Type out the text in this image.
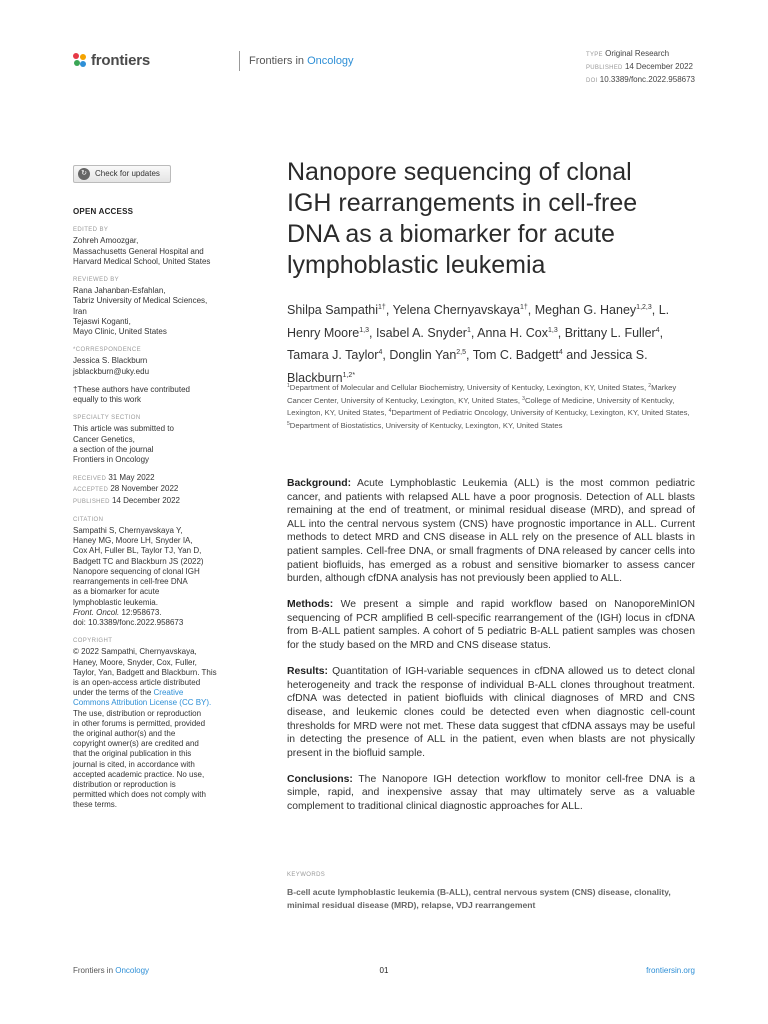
frontiers	Frontiers in Oncology	TYPE Original Research
PUBLISHED 14 December 2022
DOI 10.3389/fonc.2022.958673
↻	Check for updates
OPEN ACCESS
EDITED BY
Zohreh Amoozgar,
Massachusetts General Hospital and
Harvard Medical School, United States
REVIEWED BY
Rana Jahanban-Esfahlan,
Tabriz University of Medical Sciences,
Iran
Tejaswi Koganti,
Mayo Clinic, United States
*CORRESPONDENCE
Jessica S. Blackburn
jsblackburn@uky.edu
†These authors have contributed
equally to this work
SPECIALTY SECTION
This article was submitted to
Cancer Genetics,
a section of the journal
Frontiers in Oncology
RECEIVED 31 May 2022
ACCEPTED 28 November 2022
PUBLISHED 14 December 2022
CITATION
Sampathi S, Chernyavskaya Y,
Haney MG, Moore LH, Snyder IA,
Cox AH, Fuller BL, Taylor TJ, Yan D,
Badgett TC and Blackburn JS (2022)
Nanopore sequencing of clonal IGH
rearrangements in cell-free DNA
as a biomarker for acute
lymphoblastic leukemia.
Front. Oncol. 12:958673.
doi: 10.3389/fonc.2022.958673
COPYRIGHT
© 2022 Sampathi, Chernyavskaya,
Haney, Moore, Snyder, Cox, Fuller,
Taylor, Yan, Badgett and Blackburn. This
is an open-access article distributed
under the terms of the Creative
Commons Attribution License (CC BY).
The use, distribution or reproduction
in other forums is permitted, provided
the original author(s) and the
copyright owner(s) are credited and
that the original publication in this
journal is cited, in accordance with
accepted academic practice. No use,
distribution or reproduction is
permitted which does not comply with
these terms.
Nanopore sequencing of clonal
IGH rearrangements in cell-free
DNA as a biomarker for acute
lymphoblastic leukemia
Shilpa Sampathi$^{1\dagger}$, Yelena Chernyavskaya$^{1\dagger}$, Meghan G. Haney$^{1,2,3}$, L. Henry Moore$^{1,3}$, Isabel A. Snyder$^1$, Anna H. Cox$^{1,3}$, Brittany L. Fuller$^4$, Tamara J. Taylor$^4$, Donglin Yan$^{2,5}$, Tom C. Badgett$^4$ and Jessica S. Blackburn$^{1,2*}$
$^1$Department of Molecular and Cellular Biochemistry, University of Kentucky, Lexington, KY, United States, $^2$Markey Cancer Center, University of Kentucky, Lexington, KY, United States, $^3$College of Medicine, University of Kentucky, Lexington, KY, United States, $^4$Department of Pediatric Oncology, University of Kentucky, Lexington, KY, United States, $^5$Department of Biostatistics, University of Kentucky, Lexington, KY, United States

Background: Acute Lymphoblastic Leukemia (ALL) is the most common pediatric cancer, and patients with relapsed ALL have a poor prognosis. Detection of ALL blasts remaining at the end of treatment, or minimal residual disease (MRD), and spread of ALL into the central nervous system (CNS) have prognostic importance in ALL. Current methods to detect MRD and CNS disease in ALL rely on the presence of ALL blasts in patient samples. Cell-free DNA, or small fragments of DNA released by cancer cells into patient biofluids, has emerged as a robust and sensitive biomarker to assess cancer burden, although cfDNA analysis has not previously been applied to ALL.

Methods: We present a simple and rapid workflow based on NanoporeMinION sequencing of PCR amplified B cell-specific rearrangement of the (IGH) locus in cfDNA from B-ALL patient samples. A cohort of 5 pediatric B-ALL patient samples was chosen for the study based on the MRD and CNS disease status.

Results: Quantitation of IGH-variable sequences in cfDNA allowed us to detect clonal heterogeneity and track the response of individual B-ALL clones throughout treatment. cfDNA was detected in patient biofluids with clinical diagnoses of MRD and CNS disease, and leukemic clones could be detected even when diagnostic cell-count thresholds for MRD were not met. These data suggest that cfDNA assays may be useful in detecting the presence of ALL in the patient, even when blasts are not physically present in the biofluid sample.

Conclusions: The Nanopore IGH detection workflow to monitor cell-free DNA is a simple, rapid, and inexpensive assay that may ultimately serve as a valuable complement to traditional clinical diagnostic approaches for ALL.

KEYWORDS
B-cell acute lymphoblastic leukemia (B-ALL), central nervous system (CNS) disease, clonality, minimal residual disease (MRD), relapse, VDJ rearrangement
Frontiers in Oncology	01	frontiersin.org
